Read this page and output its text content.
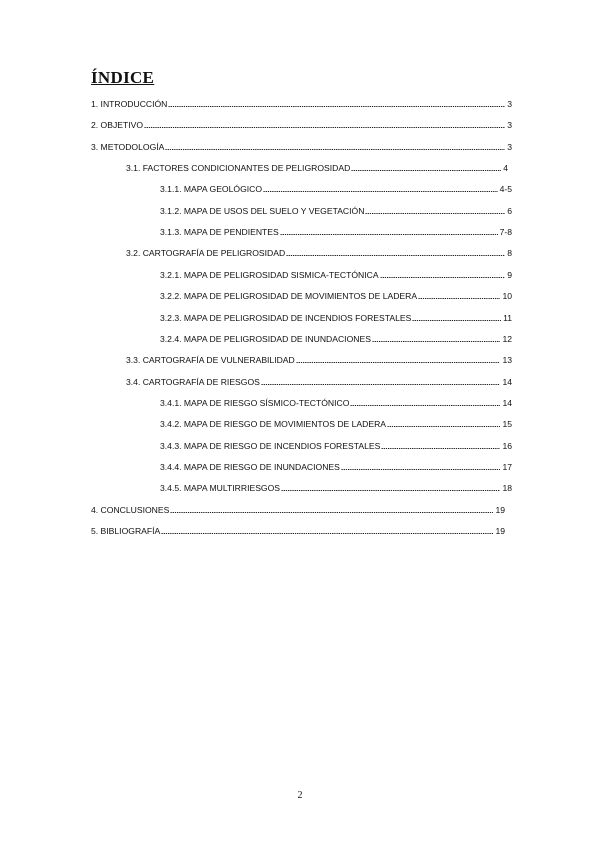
ÍNDICE
1. INTRODUCCIÓN	3
2. OBJETIVO	3
3. METODOLOGÍA	3
3.1. FACTORES CONDICIONANTES DE PELIGROSIDAD	4
3.1.1. MAPA GEOLÓGICO	4-5
3.1.2. MAPA DE USOS DEL SUELO Y VEGETACIÓN	6
3.1.3. MAPA DE PENDIENTES	7-8
3.2. CARTOGRAFÍA DE PELIGROSIDAD	8
3.2.1. MAPA DE PELIGROSIDAD SISMICA-TECTÓNICA	9
3.2.2. MAPA DE PELIGROSIDAD DE MOVIMIENTOS DE LADERA	10
3.2.3. MAPA DE PELIGROSIDAD DE INCENDIOS FORESTALES	11
3.2.4. MAPA DE PELIGROSIDAD DE INUNDACIONES	12
3.3. CARTOGRAFÍA DE VULNERABILIDAD	13
3.4. CARTOGRAFÍA DE RIESGOS	14
3.4.1. MAPA DE RIESGO SÍSMICO-TECTÓNICO	14
3.4.2. MAPA DE RIESGO DE MOVIMIENTOS DE LADERA	15
3.4.3. MAPA DE RIESGO DE INCENDIOS FORESTALES	16
3.4.4. MAPA DE RIESGO DE INUNDACIONES	17
3.4.5. MAPA MULTIRRIESGOS	18
4. CONCLUSIONES	19
5. BIBLIOGRAFÍA	19
2
